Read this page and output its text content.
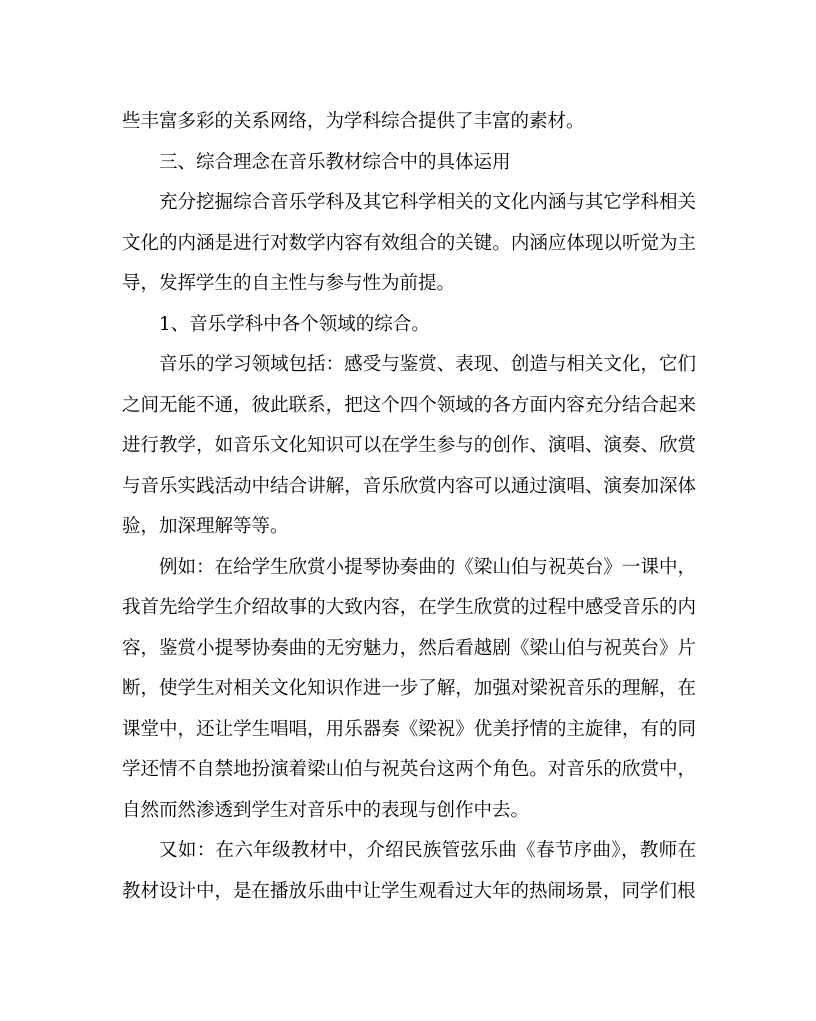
些丰富多彩的关系网络，为学科综合提供了丰富的素材。

三、综合理念在音乐教材综合中的具体运用

充分挖掘综合音乐学科及其它科学相关的文化内涵与其它学科相关文化的内涵是进行对数学内容有效组合的关键。内涵应体现以听觉为主导，发挥学生的自主性与参与性为前提。

1、音乐学科中各个领域的综合。

音乐的学习领域包括：感受与鉴赏、表现、创造与相关文化，它们之间无能不通，彼此联系，把这个四个领域的各方面内容充分结合起来进行教学，如音乐文化知识可以在学生参与的创作、演唱、演奏、欣赏与音乐实践活动中结合讲解，音乐欣赏内容可以通过演唱、演奏加深体验，加深理解等等。

例如：在给学生欣赏小提琴协奏曲的《梁山伯与祝英台》一课中，我首先给学生介绍故事的大致内容，在学生欣赏的过程中感受音乐的内容，鉴赏小提琴协奏曲的无穷魅力，然后看越剧《梁山伯与祝英台》片断，使学生对相关文化知识作进一步了解，加强对梁祝音乐的理解，在课堂中，还让学生唱唱，用乐器奏《梁祝》优美抒情的主旋律，有的同学还情不自禁地扮演着梁山伯与祝英台这两个角色。对音乐的欣赏中，自然而然渗透到学生对音乐中的表现与创作中去。

又如：在六年级教材中，介绍民族管弦乐曲《春节序曲》，教师在教材设计中，是在播放乐曲中让学生观看过大年的热闹场景，同学们根
